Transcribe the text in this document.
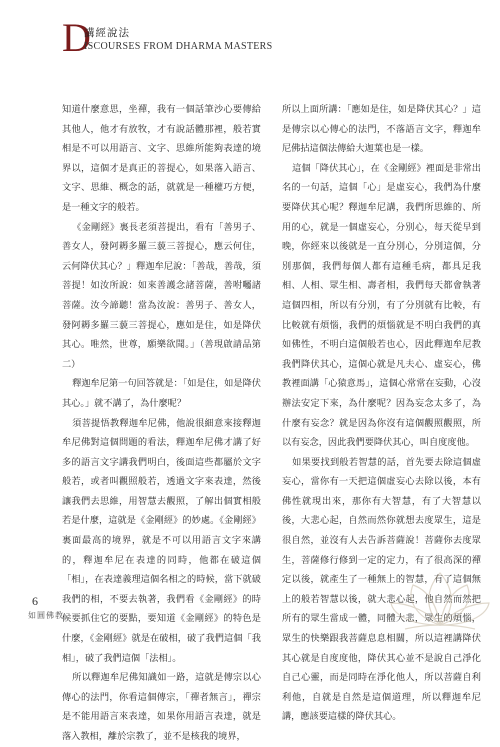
D
講經說法
ISCOURSES FROM DHARMA MASTERS

知道什麼意思，坐禪，我有一個話筆沙心要傳給其他人，他才有放牧，才有說話體那裡，般若實相是不可以用語言、文字、思維所能夠表達的境界以，這個才是真正的菩提心，如果落入語言、文字、思維、概念的話，就就是一種權巧方便，是一種文字的般若。

《金剛經》裏長老須菩提出，看有「善男子、善女人，發阿耨多羅三藐三菩提心，應云何住，云何降伏其心？」釋迦牟尼說：「善哉，善哉，須菩提！如汝所說：如來善護念諸菩薩，善咐囑諸菩薩。汝今諦聽！當為汝說：善男子、善女人，發阿耨多羅三藐三菩提心，應如是住，如是降伏其心。唯然，世尊，願樂欲聞。」（善現啟請品第二）

釋迦牟尼第一句回答就是：「如是住，如是降伏其心。」就不講了，為什麼呢？

須菩提悟教釋迦牟尼佛，他說很細意來接釋迦牟尼佛對這個問題的看法，釋迦牟尼佛才講了好多的語言文字講我們明白，後面這些都屬於文字般若，或者叫觀照般若，透過文字來表達，然後讓我們去思維，用智慧去觀照，了解出個實相般若是什麼，這就是《金剛經》的妙處。《金剛經》裏面最高的境界，就是不可以用語言文字來講的，釋迦牟尼在表達的同時，他都在破這個「相」，在表達義理這個名相之的時候，當下就破我們的相，不要去執著，我們看《金剛經》的時候要抓住它的要點，要知道《金剛經》的特色是什麼，《金剛經》就是在破相，破了我們這個「我相」，破了我們這個「法相」。

所以釋迦牟尼佛知識如一路，這就是傳宗以心傳心的法門，你看這個傳宗，「禪者無言」，禪宗是不能用語言來表達，如果你用語言表達，就是落入教相，離於宗教了，並不是核我的境界，

所以上面所講：「應如是住，如是降伏其心？」這是傳宗以心傳心的法門，不落語言文字，釋迦牟尼佛拈這個法傳給大迦葉也是一樣。

這個「降伏其心」，在《金剛經》裡面是非常出名的一句話，這個「心」是虛妄心，我們為什麼要降伏其心呢？釋迦牟尼講，我們所思維的、所用的心，就是一個虛妄心，分別心，每天從早到晚，你經來以後就是一直分別心，分別這個，分別那個，我們每個人都有這種毛病，都具足我相、人相、眾生相、壽者相，我們每天都會執著這個四相，所以有分別，有了分別就有比較，有比較就有煩惱，我們的煩惱就是不明白我們的真如佛性，不明白這個般若也心，因此釋迦牟尼教我們降伏其心，這個心就是凡夫心、虛妄心，佛教裡面講「心猿意馬」，這個心常常在妄動，心沒辦法安定下來，為什麼呢？因為妄念太多了，為什麼有妄念？就是因為你沒有這個觀照觀照，所以有妄念，因此我們要降伏其心，叫自度度他。

如果要找到般若智慧的話，首先要去除這個虛妄心，當你有一天把這個虛妄心去除以後，本有佛性就現出來，那你有大智慧，有了大智慧以後，大悲心起，自然而然你就想去度眾生，這是很自然，並沒有人去告訴菩薩說！菩薩你去度眾生，菩薩修行修到一定的定力，有了很高深的禪定以後，就產生了一種無上的智慧，有了這個無上的般若智慧以後，就大悲心起，他自然而然把所有的眾生當成一體，同體大悲，眾生的煩惱，眾生的快樂跟我菩薩息息相關，所以這裡講降伏其心就是自度度他，降伏其心並不是說自己淨化自己心靈，而是同時在淨化他人，所以菩薩自利利他，自就是自然是這個道理，所以釋迦牟尼講，應該要這樣的降伏其心。

6
如圓佛教
